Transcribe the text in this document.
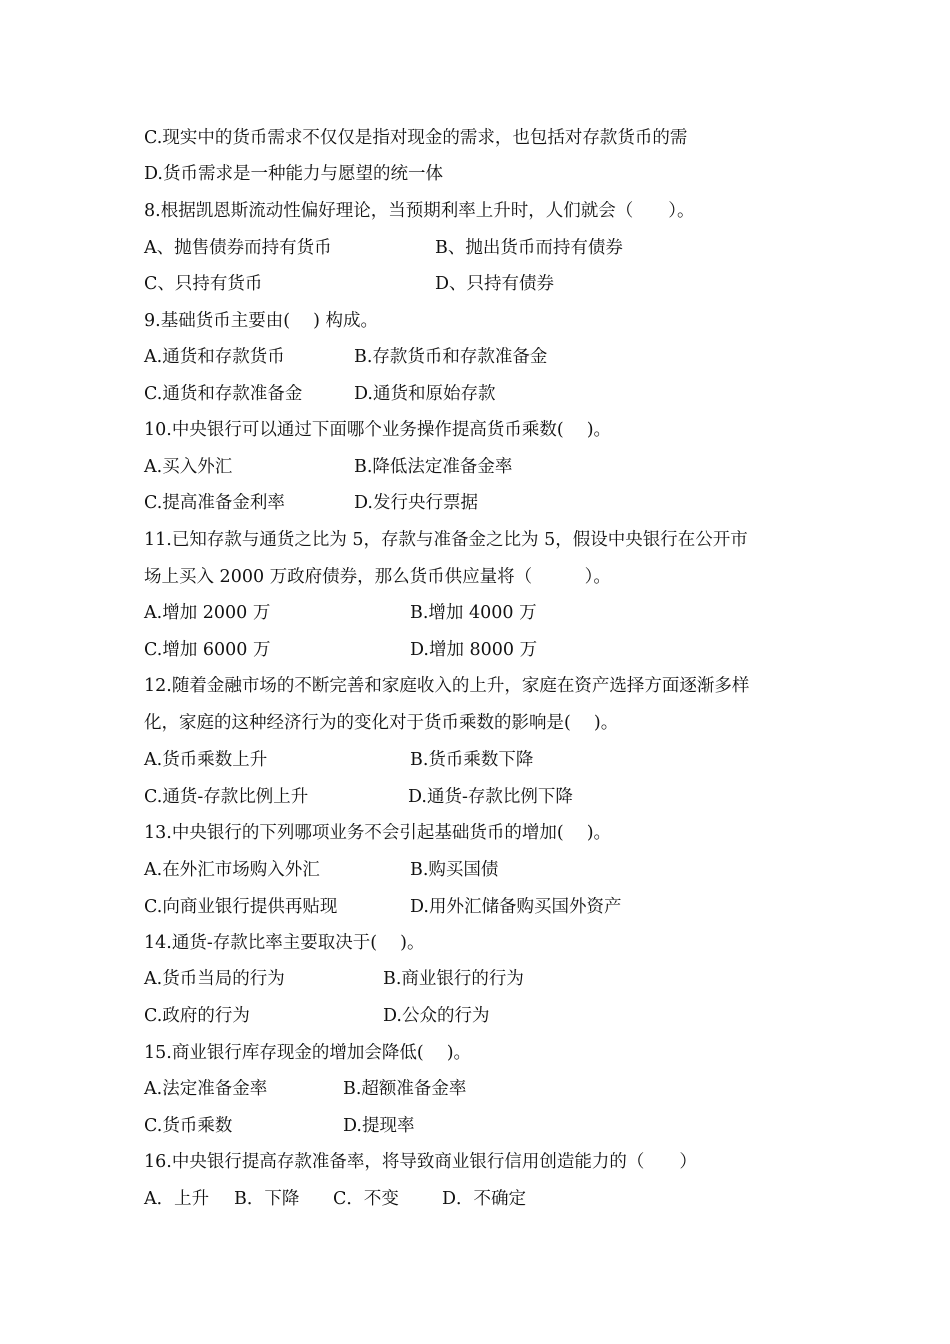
C.现实中的货币需求不仅仅是指对现金的需求，也包括对存款货币的需
D.货币需求是一种能力与愿望的统一体
8.根据凯恩斯流动性偏好理论，当预期利率上升时，人们就会（　　）。
A、抛售债券而持有货币	B、抛出货币而持有债券
C、只持有货币	D、只持有债券
9.基础货币主要由(　 ) 构成。
A.通货和存款货币	B.存款货币和存款准备金
C.通货和存款准备金	D.通货和原始存款
10.中央银行可以通过下面哪个业务操作提高货币乘数(　 )。
A.买入外汇	B.降低法定准备金率
C.提高准备金利率	D.发行央行票据
11.已知存款与通货之比为 5，存款与准备金之比为 5，假设中央银行在公开市
场上买入 2000 万政府债券，那么货币供应量将（　　　）。
A.增加 2000 万	B.增加 4000 万
C.增加 6000 万	D.增加 8000 万
12.随着金融市场的不断完善和家庭收入的上升，家庭在资产选择方面逐渐多样
化，家庭的这种经济行为的变化对于货币乘数的影响是(　 )。
A.货币乘数上升	B.货币乘数下降
C.通货-存款比例上升	D.通货-存款比例下降
13.中央银行的下列哪项业务不会引起基础货币的增加(　 )。
A.在外汇市场购入外汇	B.购买国债
C.向商业银行提供再贴现	D.用外汇储备购买国外资产
14.通货-存款比率主要取决于(　 )。
A.货币当局的行为	B.商业银行的行为
C.政府的行为	D.公众的行为
15.商业银行库存现金的增加会降低(　 )。
A.法定准备金率	B.超额准备金率
C.货币乘数	D.提现率
16.中央银行提高存款准备率，将导致商业银行信用创造能力的（　　）
A．上升 B．下降 C．不变 D．不确定
